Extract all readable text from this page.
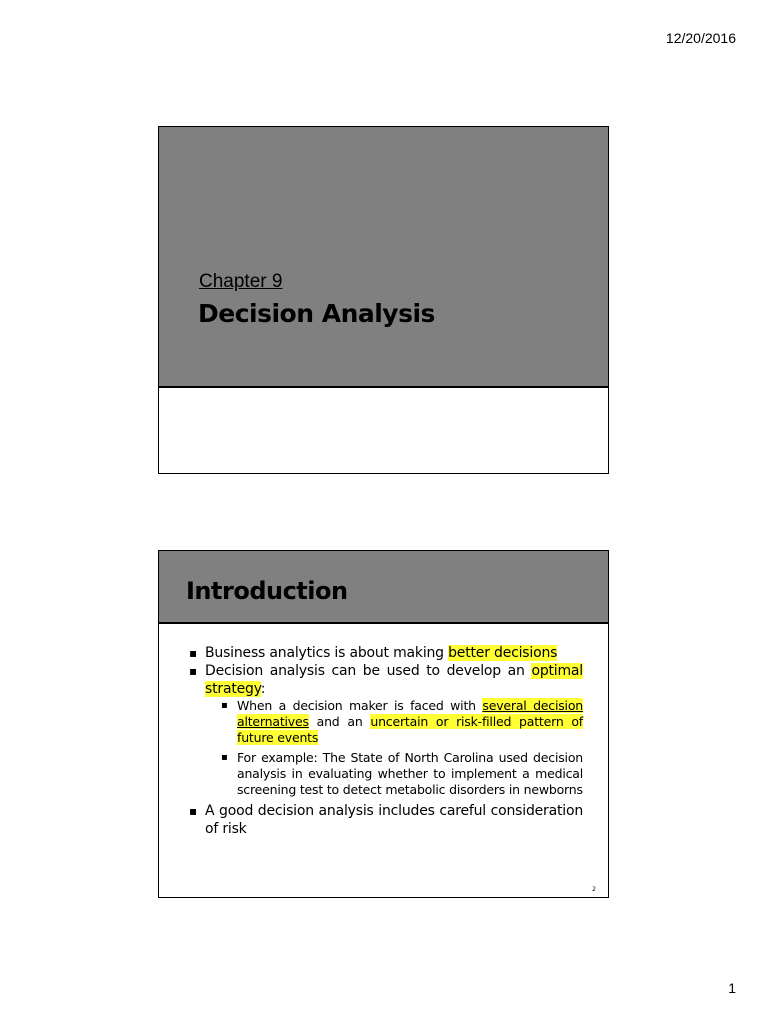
12/20/2016
Chapter 9
Decision Analysis
Introduction
▪ Business analytics is about making better decisions
▪ Decision analysis can be used to develop an optimal strategy:
▪ When a decision maker is faced with several decision alternatives and an uncertain or risk-filled pattern of future events
▪ For example: The State of North Carolina used decision analysis in evaluating whether to implement a medical screening test to detect metabolic disorders in newborns
▪ A good decision analysis includes careful consideration of risk
2
1
